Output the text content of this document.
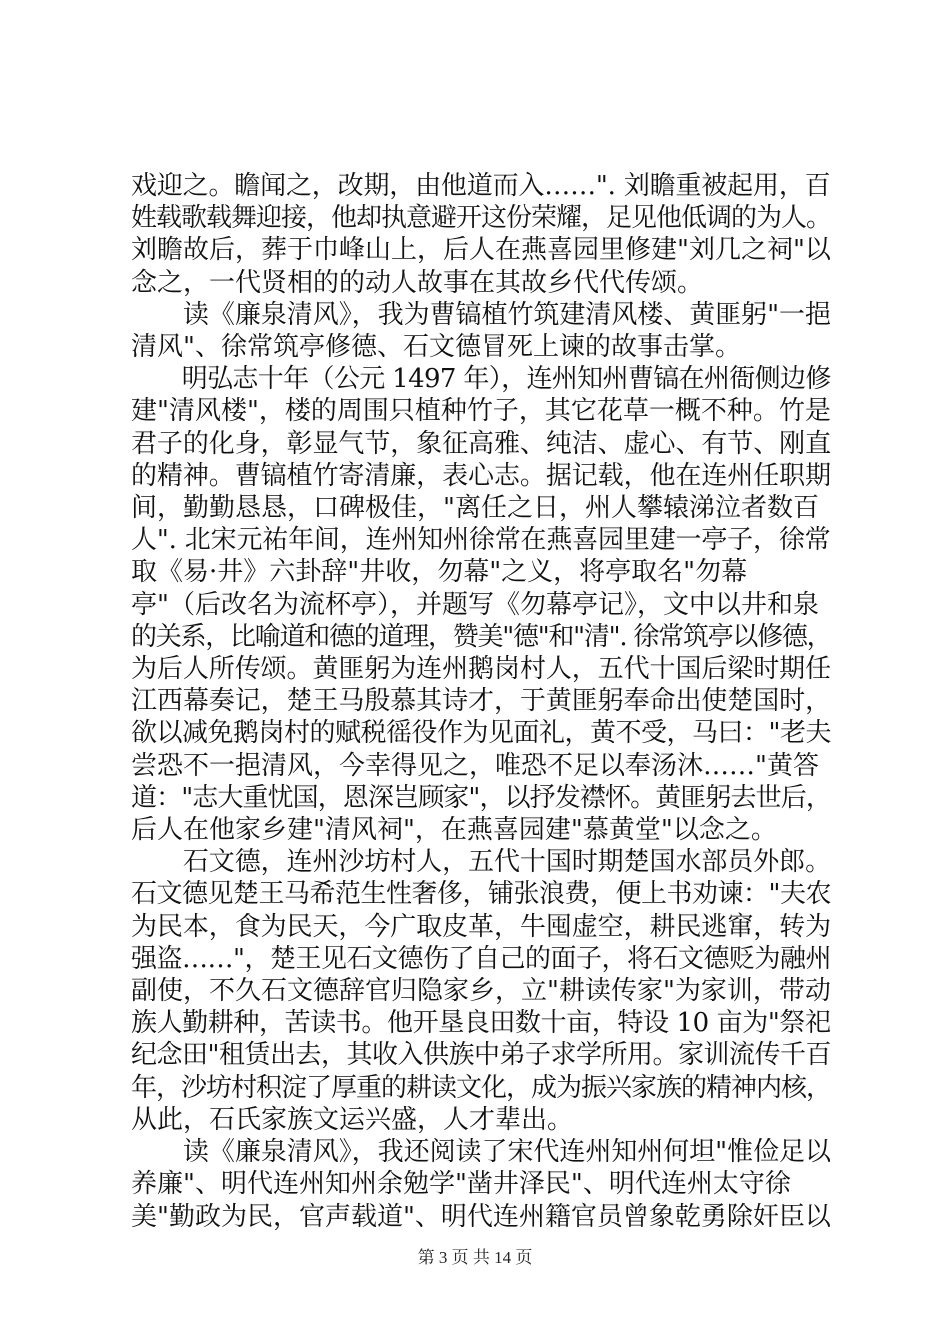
戏迎之。瞻闻之，改期，由他道而入……". 刘瞻重被起用，百
姓载歌载舞迎接，他却执意避开这份荣耀，足见他低调的为人。
刘瞻故后，葬于巾峰山上，后人在燕喜园里修建"刘几之祠"以
念之，一代贤相的的动人故事在其故乡代代传颂。
　　读《廉泉清风》，我为曹镐植竹筑建清风楼、黄匪躬"一挹
清风"、徐常筑亭修德、石文德冒死上谏的故事击掌。
　　明弘志十年（公元 1497 年），连州知州曹镐在州衙侧边修
建"清风楼"，楼的周围只植种竹子，其它花草一概不种。竹是
君子的化身，彰显气节，象征高雅、纯洁、虚心、有节、刚直
的精神。曹镐植竹寄清廉，表心志。据记载，他在连州任职期
间，勤勤恳恳，口碑极佳，"离任之日，州人攀辕涕泣者数百
人". 北宋元祐年间，连州知州徐常在燕喜园里建一亭子，徐常
取《易·井》六卦辞"井收，勿幕"之义，将亭取名"勿幕
亭"（后改名为流杯亭），并题写《勿幕亭记》，文中以井和泉
的关系，比喻道和德的道理，赞美"德"和"清". 徐常筑亭以修德，
为后人所传颂。黄匪躬为连州鹅岗村人，五代十国后梁时期任
江西幕奏记，楚王马殷慕其诗才，于黄匪躬奉命出使楚国时，
欲以减免鹅岗村的赋税徭役作为见面礼，黄不受，马曰："老夫
尝恐不一挹清风，今幸得见之，唯恐不足以奉汤沐……"黄答
道："志大重忧国，恩深岂顾家"，以抒发襟怀。黄匪躬去世后，
后人在他家乡建"清风祠"，在燕喜园建"慕黄堂"以念之。
　　石文德，连州沙坊村人，五代十国时期楚国水部员外郎。
石文德见楚王马希范生性奢侈，铺张浪费，便上书劝谏："夫农
为民本，食为民天，今广取皮革，牛囤虚空，耕民逃窜，转为
强盗……"，楚王见石文德伤了自己的面子，将石文德贬为融州
副使，不久石文德辞官归隐家乡，立"耕读传家"为家训，带动
族人勤耕种，苦读书。他开垦良田数十亩，特设 10 亩为"祭祀
纪念田"租赁出去，其收入供族中弟子求学所用。家训流传千百
年，沙坊村积淀了厚重的耕读文化，成为振兴家族的精神内核，
从此，石氏家族文运兴盛，人才辈出。
　　读《廉泉清风》，我还阅读了宋代连州知州何坦"惟俭足以
养廉"、明代连州知州余勉学"凿井泽民"、明代连州太守徐
美"勤政为民，官声载道"、明代连州籍官员曾象乾勇除奸臣以
第 3 页 共 14 页
